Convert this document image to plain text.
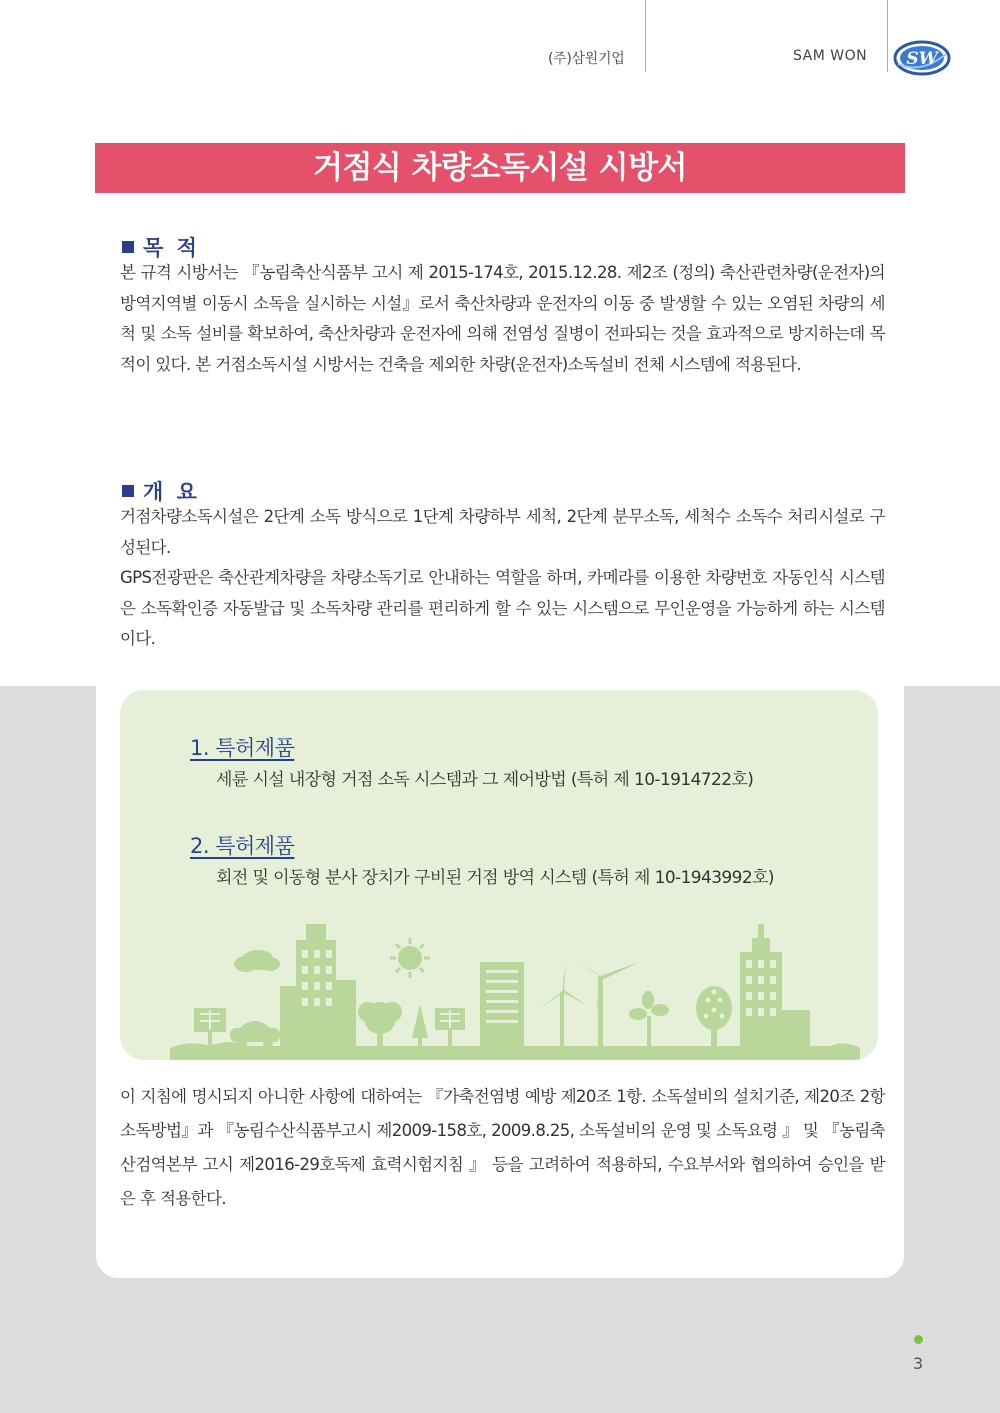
(주)삼원기업	SAM WON SW
거점식 차량소독시설 시방서
목 적

본 규격 시방서는 『농림축산식품부 고시 제 2015-174호, 2015.12.28. 제2조 (정의) 축산관련차량(운전자)의 방역지역별 이동시 소독을 실시하는 시설』로서 축산차량과 운전자의 이동 중 발생할 수 있는 오염된 차량의 세척 및 소독 설비를 확보하여, 축산차량과 운전자에 의해 전염성 질병이 전파되는 것을 효과적으로 방지하는데 목적이 있다. 본 거점소독시설 시방서는 건축을 제외한 차량(운전자)소독설비 전체 시스템에 적용된다.

개 요

거점차량소독시설은 2단계 소독 방식으로 1단계 차량하부 세척, 2단계 분무소독, 세척수 소독수 처리시설로 구성된다.

GPS전광판은 축산관계차량을 차량소독기로 안내하는 역할을 하며, 카메라를 이용한 차량번호 자동인식 시스템은 소독확인증 자동발급 및 소독차량 관리를 편리하게 할 수 있는 시스템으로 무인운영을 가능하게 하는 시스템이다.

1. 특허제품
세륜 시설 내장형 거점 소독 시스템과 그 제어방법 (특허 제 10-1914722호)
2. 특허제품
회전 및 이동형 분사 장치가 구비된 거점 방역 시스템 (특허 제 10-1943992호)
이 지침에 명시되지 아니한 사항에 대하여는 『가축전염병 예방 제20조 1항. 소독설비의 설치기준, 제20조 2항 소독방법』과 『농림수산식품부고시 제2009-158호, 2009.8.25, 소독설비의 운영 및 소독요령 』 및 『농림축산검역본부 고시 제2016-29호독제 효력시험지침 』 등을 고려하여 적용하되, 수요부서와 협의하여 승인을 받은 후 적용한다.
3
